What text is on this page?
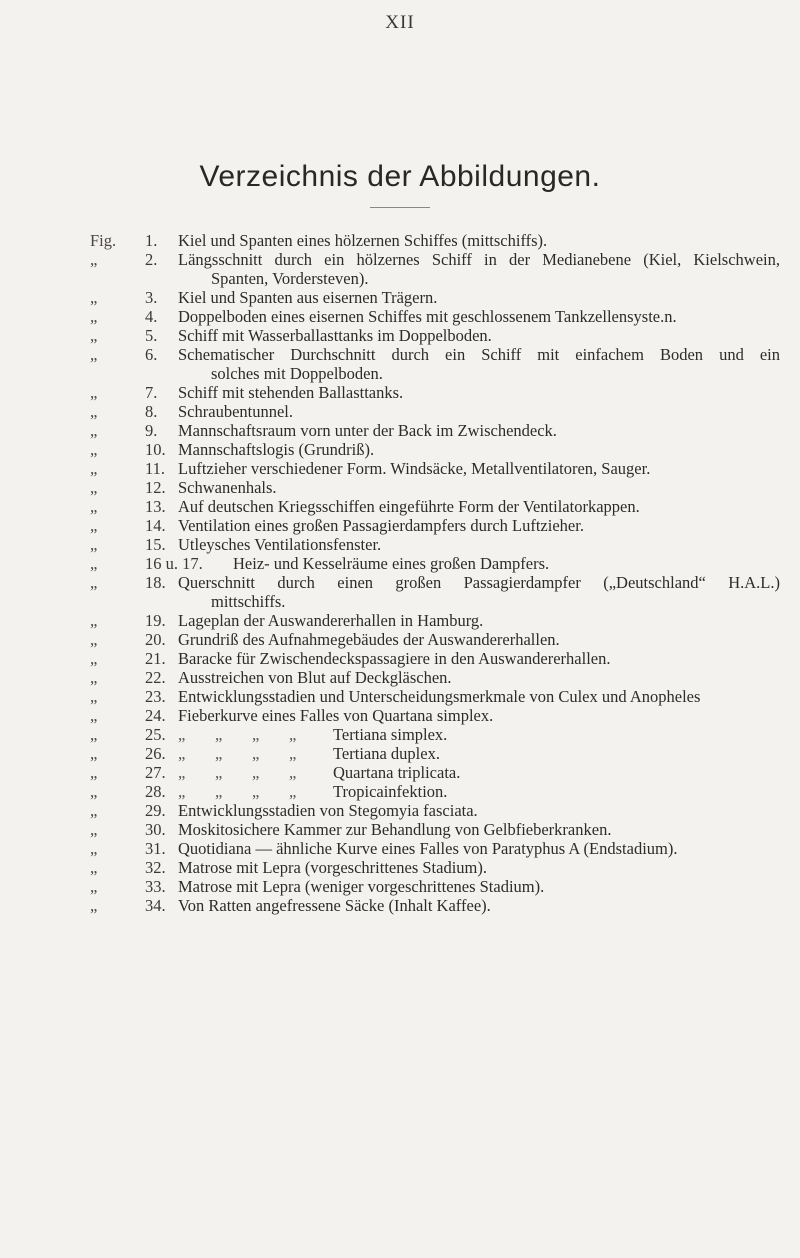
XII
Verzeichnis der Abbildungen.
Fig.	1.	Kiel und Spanten eines hölzernen Schiffes (mittschiffs).
„	2.	Längsschnitt durch ein hölzernes Schiff in der Medianebene (Kiel, Kielschwein,
Spanten, Vordersteven).
„	3.	Kiel und Spanten aus eisernen Trägern.
„	4.	Doppelboden eines eisernen Schiffes mit geschlossenem Tankzellensyste.n.
„	5.	Schiff mit Wasserballasttanks im Doppelboden.
„	6.	Schematischer Durchschnitt durch ein Schiff mit einfachem Boden und ein
solches mit Doppelboden.
„	7.	Schiff mit stehenden Ballasttanks.
„	8.	Schraubentunnel.
„	9.	Mannschaftsraum vorn unter der Back im Zwischendeck.
„	10. Mannschaftslogis (Grundriß).
„	11. Luftzieher verschiedener Form. Windsäcke, Metallventilatoren, Sauger.
„	12. Schwanenhals.
„	13. Auf deutschen Kriegsschiffen eingeführte Form der Ventilatorkappen.
„	14. Ventilation eines großen Passagierdampfers durch Luftzieher.
„	15. Utleysches Ventilationsfenster.
„	16 u. 17.	Heiz- und Kesselräume eines großen Dampfers.
„	18. Querschnitt durch einen großen Passagierdampfer („Deutschland“ H.A.L.)
mittschiffs.
„	19. Lageplan der Auswandererhallen in Hamburg.
„	20. Grundriß des Aufnahmegebäudes der Auswandererhallen.
„	21. Baracke für Zwischendeckspassagiere in den Auswandererhallen.
„	22. Ausstreichen von Blut auf Deckgläschen.
„	23. Entwicklungsstadien und Unterscheidungsmerkmale von Culex und Anopheles
„	24. Fieberkurve eines Falles von Quartana simplex.
„	25. „ „ „ „ Tertiana simplex.
„	26. „ „ „ „ Tertiana duplex.
„	27. „ „ „ „ Quartana triplicata.
„	28. „ „ „ „ Tropicainfektion.
„	29. Entwicklungsstadien von Stegomyia fasciata.
„	30. Moskitosichere Kammer zur Behandlung von Gelbfieberkranken.
„	31. Quotidiana — ähnliche Kurve eines Falles von Paratyphus A (Endstadium).
„	32. Matrose mit Lepra (vorgeschrittenes Stadium).
„	33. Matrose mit Lepra (weniger vorgeschrittenes Stadium).
„	34. Von Ratten angefressene Säcke (Inhalt Kaffee).
